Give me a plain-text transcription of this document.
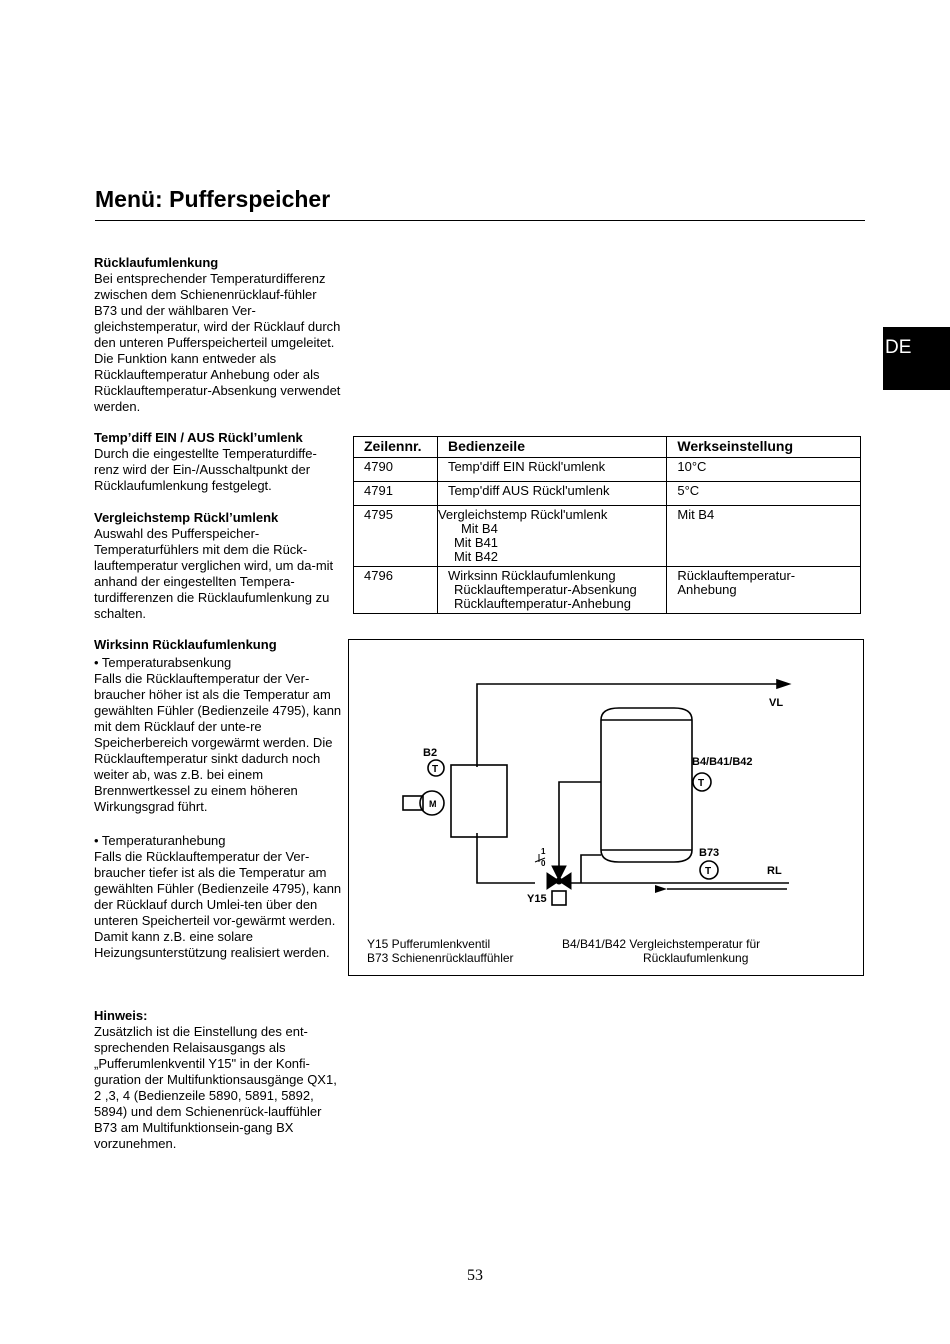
Menü: Pufferspeicher
DE
Rücklaufumlenkung

Bei entsprechender Temperaturdifferenz zwischen dem Schienenrücklauf-fühler B73 und der wählbaren Ver-gleichstemperatur, wird der Rücklauf durch den unteren Pufferspeicherteil umgeleitet. Die Funktion kann entweder als Rücklauftemperatur Anhebung oder als Rücklauftemperatur-Absenkung verwendet werden.

Temp’diff EIN / AUS Rückl’umlenk

Durch die eingestellte Temperaturdiffe-renz wird der Ein-/Ausschaltpunkt der Rücklaufumlenkung festgelegt.

Vergleichstemp Rückl’umlenk

Auswahl des Pufferspeicher-Temperaturfühlers mit dem die Rück-lauftemperatur verglichen wird, um da-mit anhand der eingestellten Tempera-turdifferenzen die Rücklaufumlenkung zu schalten.

Wirksinn Rücklaufumlenkung
• Temperaturabsenkung

Falls die Rücklauftemperatur der Ver-braucher höher ist als die Temperatur am gewählten Fühler (Bedienzeile 4795), kann mit dem Rücklauf der unte-re Speicherbereich vorgewärmt werden. Die Rücklauftemperatur sinkt dadurch noch weiter ab, was z.B. bei einem Brennwertkessel zu einem höheren Wirkungsgrad führt.

• Temperaturanhebung

Falls die Rücklauftemperatur der Ver-braucher tiefer ist als die Temperatur am gewählten Fühler (Bedienzeile 4795), kann der Rücklauf durch Umlei-ten über den unteren Speicherteil vor-gewärmt werden. Damit kann z.B. eine solare Heizungsunterstützung realisiert werden.

Hinweis:

Zusätzlich ist die Einstellung des ent-sprechenden Relaisausgangs als „Pufferumlenkventil Y15" in der Konfi-guration der Multifunktionsausgänge QX1, 2 ,3, 4 (Bedienzeile 5890, 5891, 5892, 5894) und dem Schienenrück-lauffühler B73 am Multifunktionsein-gang BX vorzunehmen.

Zeilennr.	Bedienzeile	Werkseinstellung
4790	Temp'diff EIN Rückl'umlenk	10°C
4791	Temp'diff AUS Rückl'umlenk	5°C
4795	Vergleichstemp Rückl'umlenk
Mit B4
Mit B41
Mit B42	Mit B4
4796	Wirksinn Rücklaufumlenkung
Rücklauftemperatur-Absenkung
Rücklauftemperatur-Anhebung	Rücklauftemperatur-Anhebung
VL
RL
B2
B4/B41/B42
B73
Y15
M
T
T
T
1
0
Y15 Pufferumlenkventil
B73 Schienenrücklauffühler
B4/B41/B42 Vergleichstemperatur für
Rücklaufumlenkung
53
